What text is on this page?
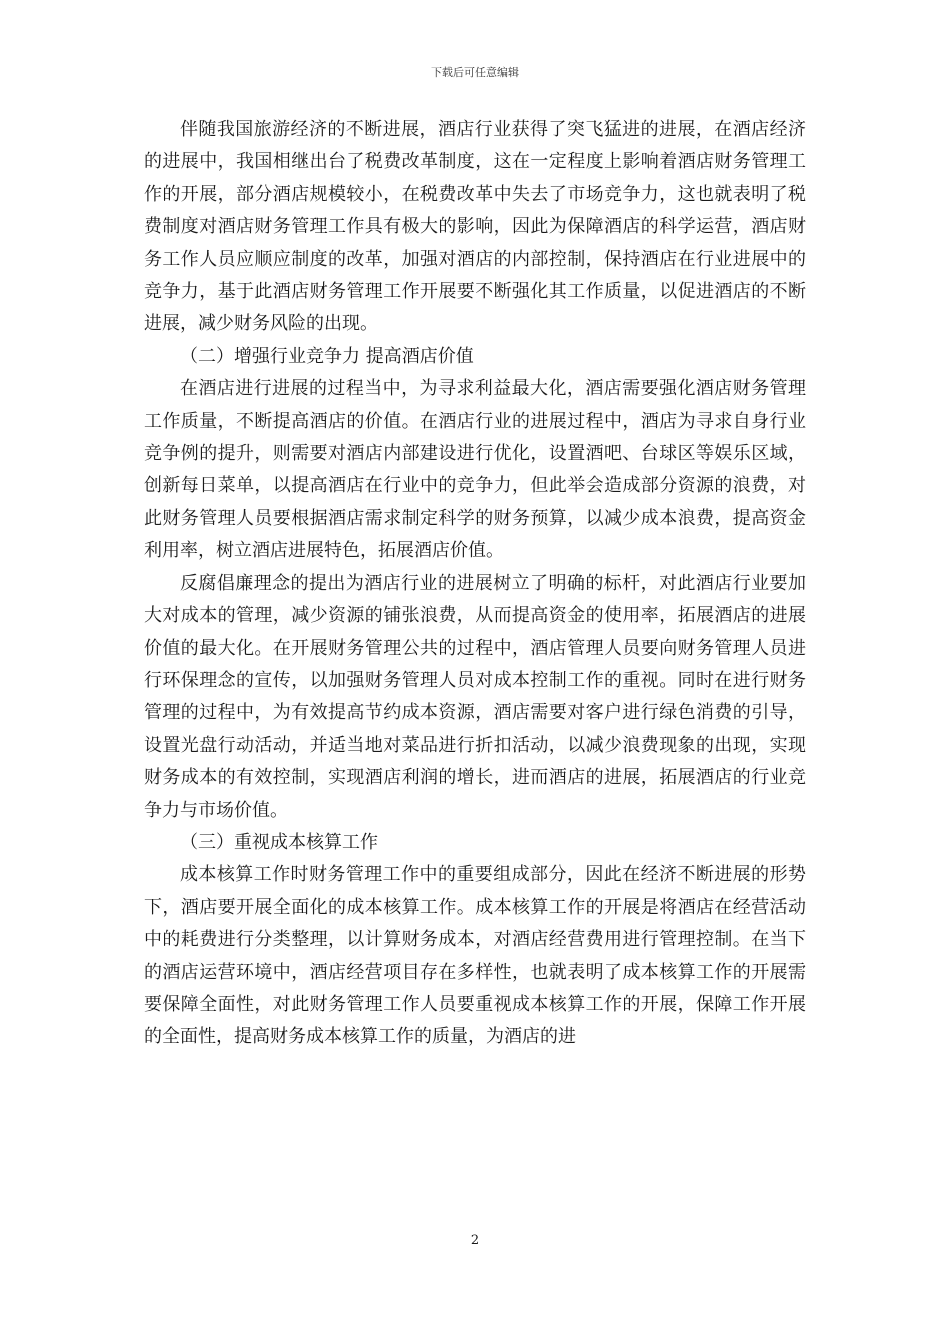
下载后可任意编辑

伴随我国旅游经济的不断进展，酒店行业获得了突飞猛进的进展，在酒店经济的进展中，我国相继出台了税费改革制度，这在一定程度上影响着酒店财务管理工作的开展，部分酒店规模较小，在税费改革中失去了市场竞争力，这也就表明了税费制度对酒店财务管理工作具有极大的影响，因此为保障酒店的科学运营，酒店财务工作人员应顺应制度的改革，加强对酒店的内部控制，保持酒店在行业进展中的竞争力，基于此酒店财务管理工作开展要不断强化其工作质量，以促进酒店的不断进展，减少财务风险的出现。

（二）增强行业竞争力 提高酒店价值

在酒店进行进展的过程当中，为寻求利益最大化，酒店需要强化酒店财务管理工作质量，不断提高酒店的价值。在酒店行业的进展过程中，酒店为寻求自身行业竞争例的提升，则需要对酒店内部建设进行优化，设置酒吧、台球区等娱乐区域，创新每日菜单，以提高酒店在行业中的竞争力，但此举会造成部分资源的浪费，对此财务管理人员要根据酒店需求制定科学的财务预算，以减少成本浪费，提高资金利用率，树立酒店进展特色，拓展酒店价值。

反腐倡廉理念的提出为酒店行业的进展树立了明确的标杆，对此酒店行业要加大对成本的管理，减少资源的铺张浪费，从而提高资金的使用率，拓展酒店的进展价值的最大化。在开展财务管理公共的过程中，酒店管理人员要向财务管理人员进行环保理念的宣传，以加强财务管理人员对成本控制工作的重视。同时在进行财务管理的过程中，为有效提高节约成本资源，酒店需要对客户进行绿色消费的引导，设置光盘行动活动，并适当地对菜品进行折扣活动，以减少浪费现象的出现，实现财务成本的有效控制，实现酒店利润的增长，进而酒店的进展，拓展酒店的行业竞争力与市场价值。

（三）重视成本核算工作

成本核算工作时财务管理工作中的重要组成部分，因此在经济不断进展的形势下，酒店要开展全面化的成本核算工作。成本核算工作的开展是将酒店在经营活动中的耗费进行分类整理，以计算财务成本，对酒店经营费用进行管理控制。在当下的酒店运营环境中，酒店经营项目存在多样性，也就表明了成本核算工作的开展需要保障全面性，对此财务管理工作人员要重视成本核算工作的开展，保障工作开展的全面性，提高财务成本核算工作的质量，为酒店的进

2
